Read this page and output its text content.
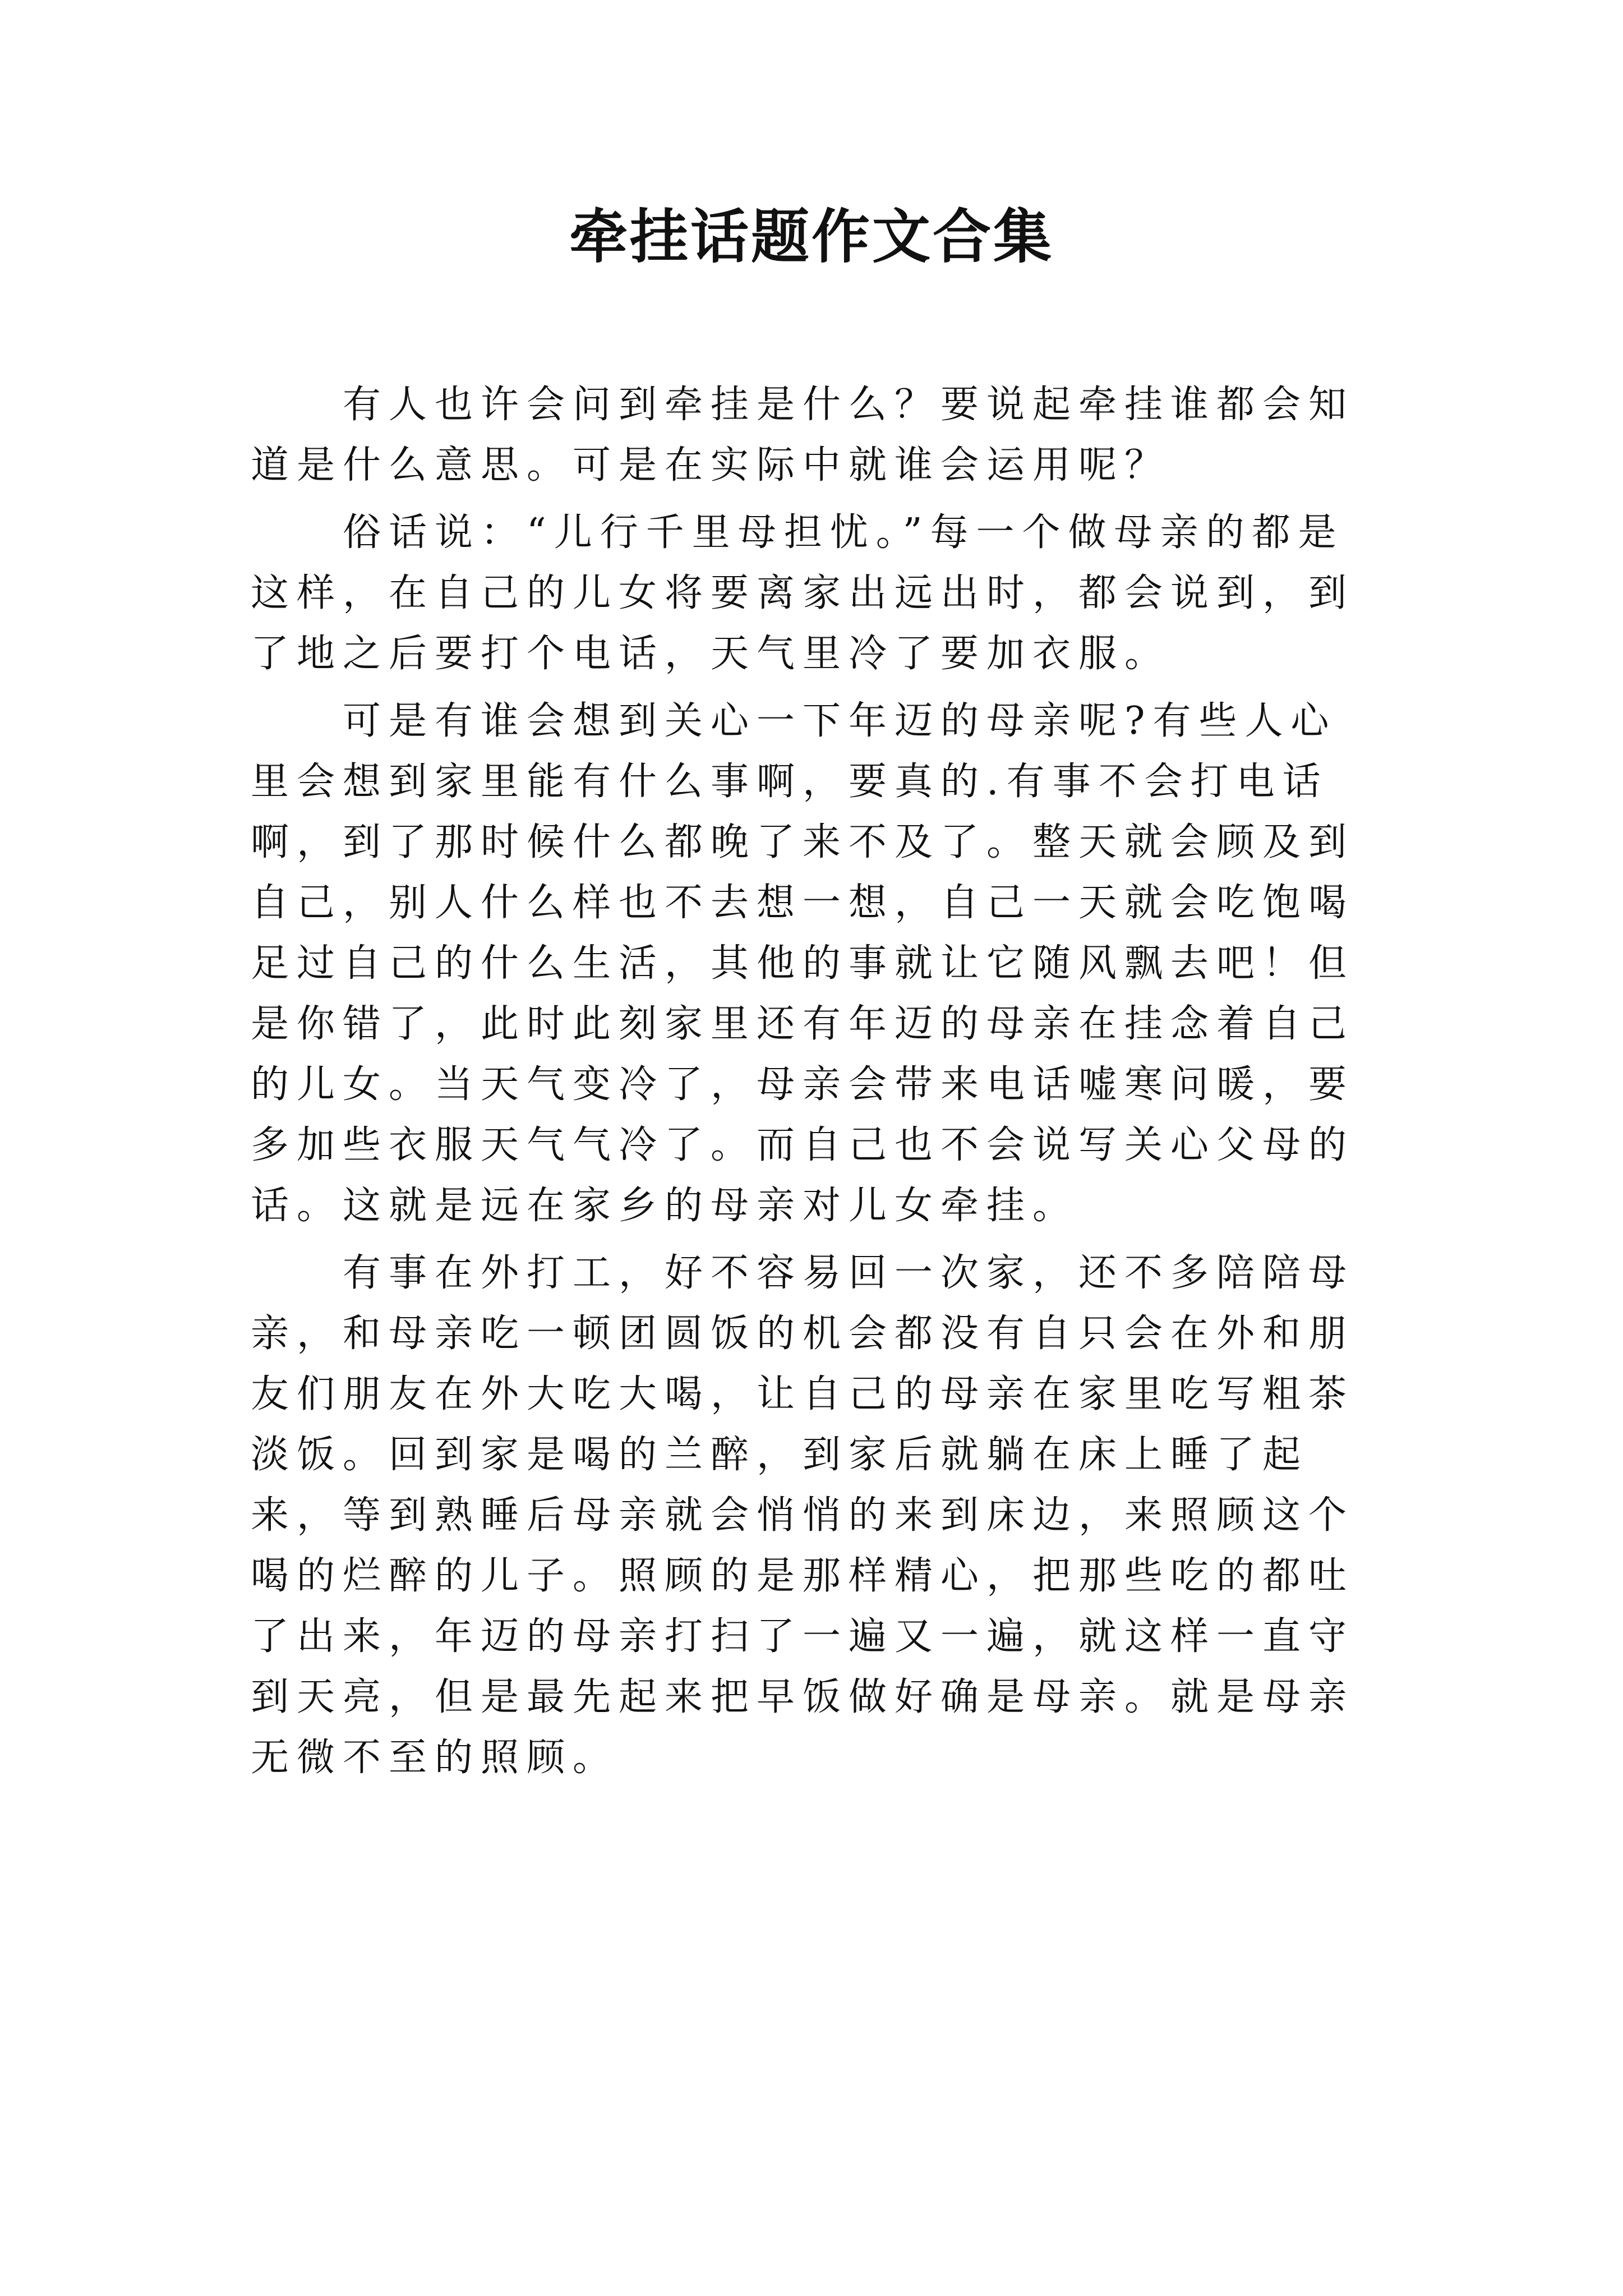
牵挂话题作文合集

有人也许会问到牵挂是什么？要说起牵挂谁都会知道是什么意思。可是在实际中就谁会运用呢？

俗话说：“儿行千里母担忧。”每一个做母亲的都是这样，在自己的儿女将要离家出远出时，都会说到，到了地之后要打个电话，天气里冷了要加衣服。

可是有谁会想到关心一下年迈的母亲呢?有些人心里会想到家里能有什么事啊，要真的.有事不会打电话啊，到了那时候什么都晚了来不及了。整天就会顾及到自己，别人什么样也不去想一想，自己一天就会吃饱喝足过自己的什么生活，其他的事就让它随风飘去吧！但是你错了，此时此刻家里还有年迈的母亲在挂念着自己的儿女。当天气变冷了，母亲会带来电话嘘寒问暖，要多加些衣服天气气冷了。而自己也不会说写关心父母的话。这就是远在家乡的母亲对儿女牵挂。

有事在外打工，好不容易回一次家，还不多陪陪母亲，和母亲吃一顿团圆饭的机会都没有自只会在外和朋友们朋友在外大吃大喝，让自己的母亲在家里吃写粗茶淡饭。回到家是喝的兰醉，到家后就躺在床上睡了起来，等到熟睡后母亲就会悄悄的来到床边，来照顾这个喝的烂醉的儿子。照顾的是那样精心，把那些吃的都吐了出来，年迈的母亲打扫了一遍又一遍，就这样一直守到天亮，但是最先起来把早饭做好确是母亲。就是母亲无微不至的照顾。
